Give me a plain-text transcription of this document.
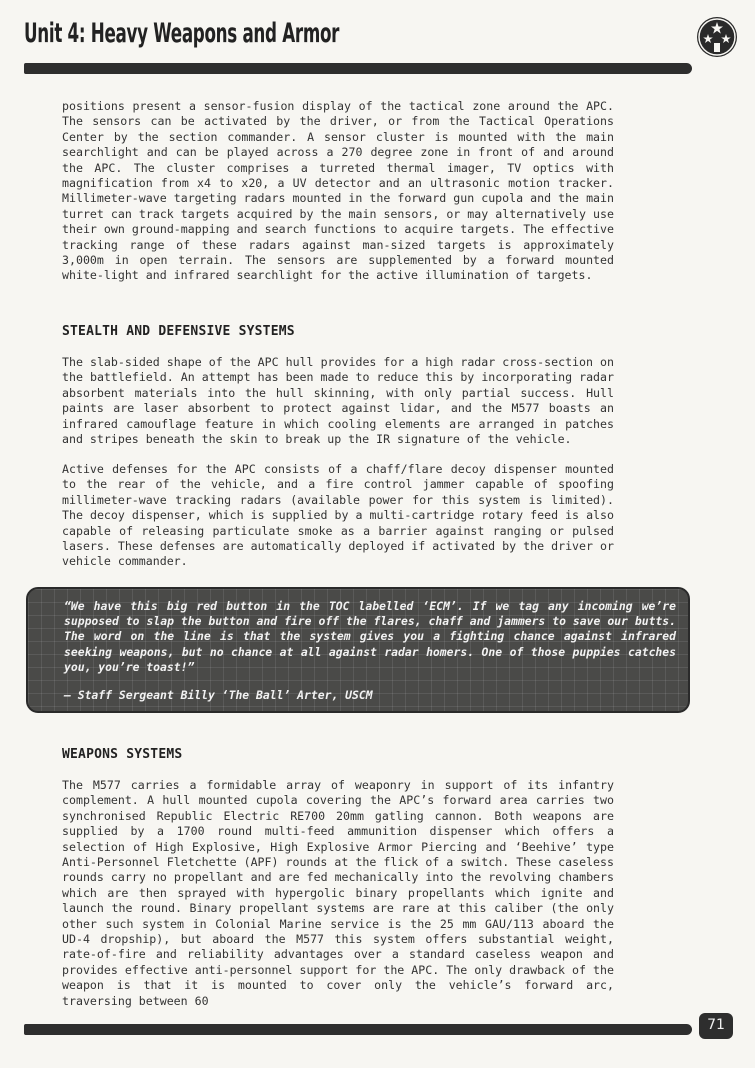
Unit 4: Heavy Weapons and Armor

positions present a sensor-fusion display of the tactical zone around the APC. The sensors can be activated by the driver, or from the Tactical Operations Center by the section commander. A sensor cluster is mounted with the main searchlight and can be played across a 270 degree zone in front of and around the APC. The cluster comprises a turreted thermal imager, TV optics with magnification from x4 to x20, a UV detector and an ultrasonic motion tracker. Millimeter-wave targeting radars mounted in the forward gun cupola and the main turret can track targets acquired by the main sensors, or may alternatively use their own ground-mapping and search functions to acquire targets. The effective tracking range of these radars against man-sized targets is approximately 3,000m in open terrain. The sensors are supplemented by a forward mounted white-light and infrared searchlight for the active illumination of targets.

STEALTH AND DEFENSIVE SYSTEMS

The slab-sided shape of the APC hull provides for a high radar cross-section on the battlefield. An attempt has been made to reduce this by incorporating radar absorbent materials into the hull skinning, with only partial success. Hull paints are laser absorbent to protect against lidar, and the M577 boasts an infrared camouflage feature in which cooling elements are arranged in patches and stripes beneath the skin to break up the IR signature of the vehicle.

Active defenses for the APC consists of a chaff/flare decoy dispenser mounted to the rear of the vehicle, and a fire control jammer capable of spoofing millimeter-wave tracking radars (available power for this system is limited). The decoy dispenser, which is supplied by a multi-cartridge rotary feed is also capable of releasing particulate smoke as a barrier against ranging or pulsed lasers. These defenses are automatically deployed if activated by the driver or vehicle commander.

“We have this big red button in the TOC labelled ‘ECM’. If we tag any incoming we’re supposed to slap the button and fire off the flares, chaff and jammers to save our butts. The word on the line is that the system gives you a fighting chance against infrared seeking weapons, but no chance at all against radar homers. One of those puppies catches you, you’re toast!”

– Staff Sergeant Billy ‘The Ball’ Arter, USCM

WEAPONS SYSTEMS

The M577 carries a formidable array of weaponry in support of its infantry complement. A hull mounted cupola covering the APC’s forward area carries two synchronised Republic Electric RE700 20mm gatling cannon. Both weapons are supplied by a 1700 round multi-feed ammunition dispenser which offers a selection of High Explosive, High Explosive Armor Piercing and ‘Beehive’ type Anti-Personnel Fletchette (APF) rounds at the flick of a switch. These caseless rounds carry no propellant and are fed mechanically into the revolving chambers which are then sprayed with hypergolic binary propellants which ignite and launch the round. Binary propellant systems are rare at this caliber (the only other such system in Colonial Marine service is the 25 mm GAU/113 aboard the UD-4 dropship), but aboard the M577 this system offers substantial weight, rate-of-fire and reliability advantages over a standard caseless weapon and provides effective anti-personnel support for the APC. The only drawback of the weapon is that it is mounted to cover only the vehicle’s forward arc, traversing between 60

71
